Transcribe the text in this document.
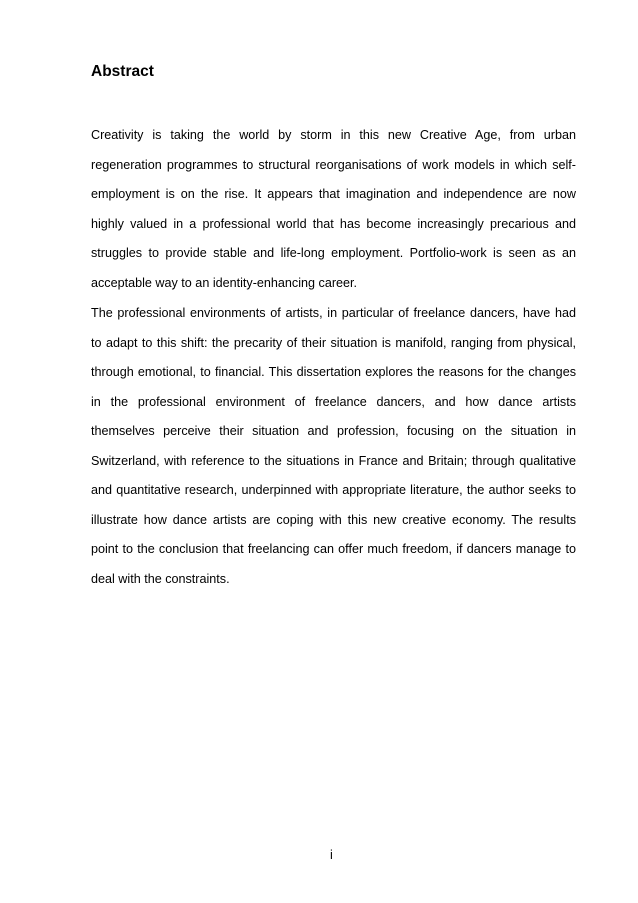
Abstract

Creativity is taking the world by storm in this new Creative Age, from urban regeneration programmes to structural reorganisations of work models in which self-employment is on the rise. It appears that imagination and independence are now highly valued in a professional world that has become increasingly precarious and struggles to provide stable and life-long employment. Portfolio-work is seen as an acceptable way to an identity-enhancing career.

The professional environments of artists, in particular of freelance dancers, have had to adapt to this shift: the precarity of their situation is manifold, ranging from physical, through emotional, to financial. This dissertation explores the reasons for the changes in the professional environment of freelance dancers, and how dance artists themselves perceive their situation and profession, focusing on the situation in Switzerland, with reference to the situations in France and Britain; through qualitative and quantitative research, underpinned with appropriate literature, the author seeks to illustrate how dance artists are coping with this new creative economy. The results point to the conclusion that freelancing can offer much freedom, if dancers manage to deal with the constraints.

i
